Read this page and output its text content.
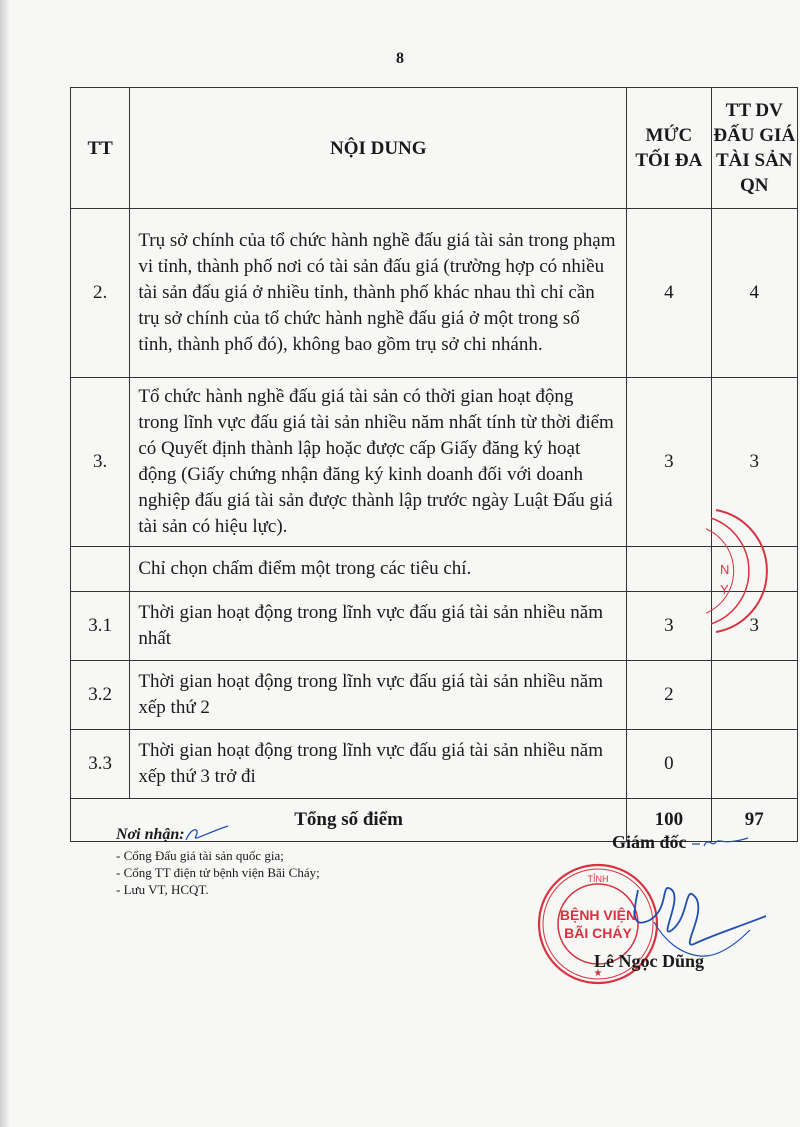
8
TT	NỘI DUNG	MỨC TỐI ĐA	TT DV ĐẤU GIÁ TÀI SẢN QN
2.	Trụ sở chính của tổ chức hành nghề đấu giá tài sản trong phạm vi tỉnh, thành phố nơi có tài sản đấu giá (trường hợp có nhiều tài sản đấu giá ở nhiều tỉnh, thành phố khác nhau thì chỉ cần trụ sở chính của tổ chức hành nghề đấu giá ở một trong số tỉnh, thành phố đó), không bao gồm trụ sở chi nhánh.	4	4
3.	Tổ chức hành nghề đấu giá tài sản có thời gian hoạt động trong lĩnh vực đấu giá tài sản nhiều năm nhất tính từ thời điểm có Quyết định thành lập hoặc được cấp Giấy đăng ký hoạt động (Giấy chứng nhận đăng ký kinh doanh đối với doanh nghiệp đấu giá tài sản được thành lập trước ngày Luật Đấu giá tài sản có hiệu lực).	3	3
	Chỉ chọn chấm điểm một trong các tiêu chí.		
3.1	Thời gian hoạt động trong lĩnh vực đấu giá tài sản nhiều năm nhất	3	3
3.2	Thời gian hoạt động trong lĩnh vực đấu giá tài sản nhiều năm xếp thứ 2	2	
3.3	Thời gian hoạt động trong lĩnh vực đấu giá tài sản nhiều năm xếp thứ 3 trở đi	0	
Tổng số điểm		100	97
N
Y
Nơi nhận:
- Cổng Đấu giá tài sản quốc gia;
- Cổng TT điện tử bệnh viện Bãi Cháy;
- Lưu VT, HCQT.
Giám đốc
TỈNH
BỆNH VIỆN
BÃI CHÁY
★
Lê Ngọc Dũng
